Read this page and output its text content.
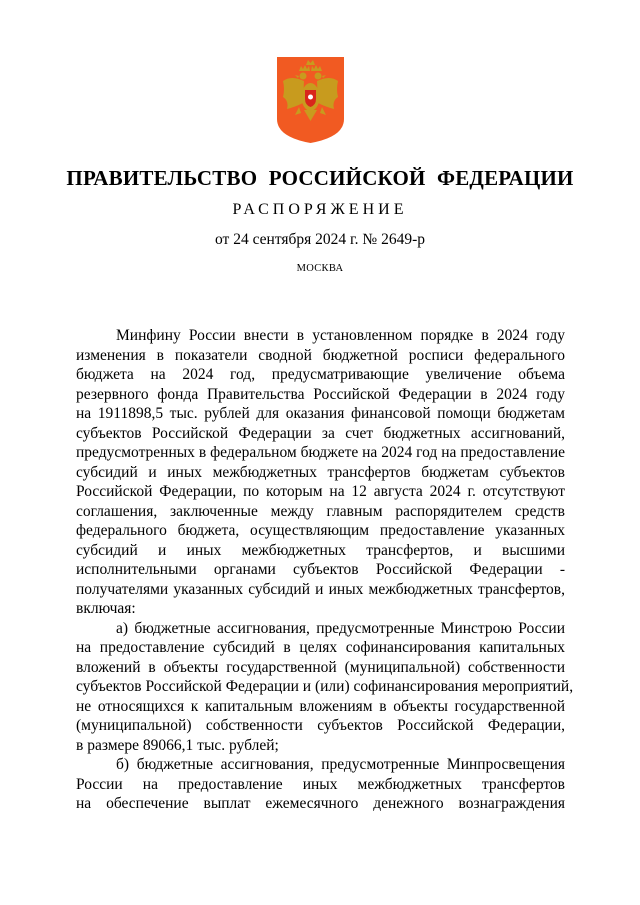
ПРАВИТЕЛЬСТВО РОССИЙСКОЙ ФЕДЕРАЦИИ
РАСПОРЯЖЕНИЕ
от 24 сентября 2024 г. № 2649-р
МОСКВА
Минфину России внести в установленном порядке в 2024 году
изменения в показатели сводной бюджетной росписи федерального
бюджета на 2024 год, предусматривающие увеличение объема
резервного фонда Правительства Российской Федерации в 2024 году
на 1911898,5 тыс. рублей для оказания финансовой помощи бюджетам
субъектов Российской Федерации за счет бюджетных ассигнований,
предусмотренных в федеральном бюджете на 2024 год на предоставление
субсидий и иных межбюджетных трансфертов бюджетам субъектов
Российской Федерации, по которым на 12 августа 2024 г. отсутствуют
соглашения, заключенные между главным распорядителем средств
федерального бюджета, осуществляющим предоставление указанных
субсидий и иных межбюджетных трансфертов, и высшими
исполнительными органами субъектов Российской Федерации -
получателями указанных субсидий и иных межбюджетных трансфертов,
включая:
а) бюджетные ассигнования, предусмотренные Минстрою России
на предоставление субсидий в целях софинансирования капитальных
вложений в объекты государственной (муниципальной) собственности
субъектов Российской Федерации и (или) софинансирования мероприятий,
не относящихся к капитальным вложениям в объекты государственной
(муниципальной) собственности субъектов Российской Федерации,
в размере 89066,1 тыс. рублей;
б) бюджетные ассигнования, предусмотренные Минпросвещения
России на предоставление иных межбюджетных трансфертов
на обеспечение выплат ежемесячного денежного вознаграждения
